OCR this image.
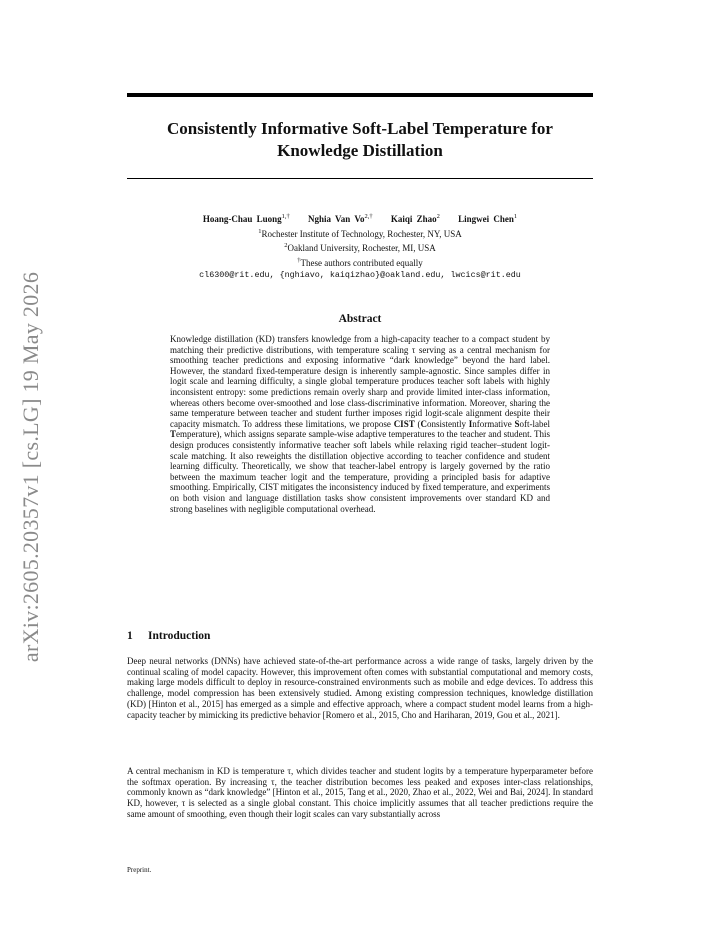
arXiv:2605.20357v1 [cs.LG] 19 May 2026
Consistently Informative Soft-Label Temperature for
Knowledge Distillation
Hoang-Chau Luong$^{1,\dagger}$ Nghia Van $Vo^{2,\dagger}$ Kaiqi Zhao$^2$ Lingwei Chen$^1$
$^1$Rochester Institute of Technology, Rochester, NY, USA
$^2$Oakland University, Rochester, MI, USA
†These authors contributed equally
cl6300@rit.edu, {nghiavo, kaiqizhao}@oakland.edu, lwcics@rit.edu
Abstract

Knowledge distillation (KD) transfers knowledge from a high-capacity teacher to a compact student by matching their predictive distributions, with temperature scaling τ serving as a central mechanism for smoothing teacher predictions and exposing informative “dark knowledge” beyond the hard label. However, the standard fixed-temperature design is inherently sample-agnostic. Since samples differ in logit scale and learning difficulty, a single global temperature produces teacher soft labels with highly inconsistent entropy: some predictions remain overly sharp and provide limited inter-class information, whereas others become over-smoothed and lose class-discriminative information. Moreover, sharing the same temperature between teacher and student further imposes rigid logit-scale alignment despite their capacity mismatch. To address these limitations, we propose CIST (Consistently Informative Soft-label Temperature), which assigns separate sample-wise adaptive temperatures to the teacher and student. This design produces consistently informative teacher soft labels while relaxing rigid teacher–student logit-scale matching. It also reweights the distillation objective according to teacher confidence and student learning difficulty. Theoretically, we show that teacher-label entropy is largely governed by the ratio between the maximum teacher logit and the temperature, providing a principled basis for adaptive smoothing. Empirically, CIST mitigates the inconsistency induced by fixed temperature, and experiments on both vision and language distillation tasks show consistent improvements over standard KD and strong baselines with negligible computational overhead.

1 Introduction

Deep neural networks (DNNs) have achieved state-of-the-art performance across a wide range of tasks, largely driven by the continual scaling of model capacity. However, this improvement often comes with substantial computational and memory costs, making large models difficult to deploy in resource-constrained environments such as mobile and edge devices. To address this challenge, model compression has been extensively studied. Among existing compression techniques, knowledge distillation (KD) [Hinton et al., 2015] has emerged as a simple and effective approach, where a compact student model learns from a high-capacity teacher by mimicking its predictive behavior [Romero et al., 2015, Cho and Hariharan, 2019, Gou et al., 2021].

A central mechanism in KD is temperature τ, which divides teacher and student logits by a temperature hyperparameter before the softmax operation. By increasing τ, the teacher distribution becomes less peaked and exposes inter-class relationships, commonly known as “dark knowledge” [Hinton et al., 2015, Tang et al., 2020, Zhao et al., 2022, Wei and Bai, 2024]. In standard KD, however, τ is selected as a single global constant. This choice implicitly assumes that all teacher predictions require the same amount of smoothing, even though their logit scales can vary substantially across

Preprint.
